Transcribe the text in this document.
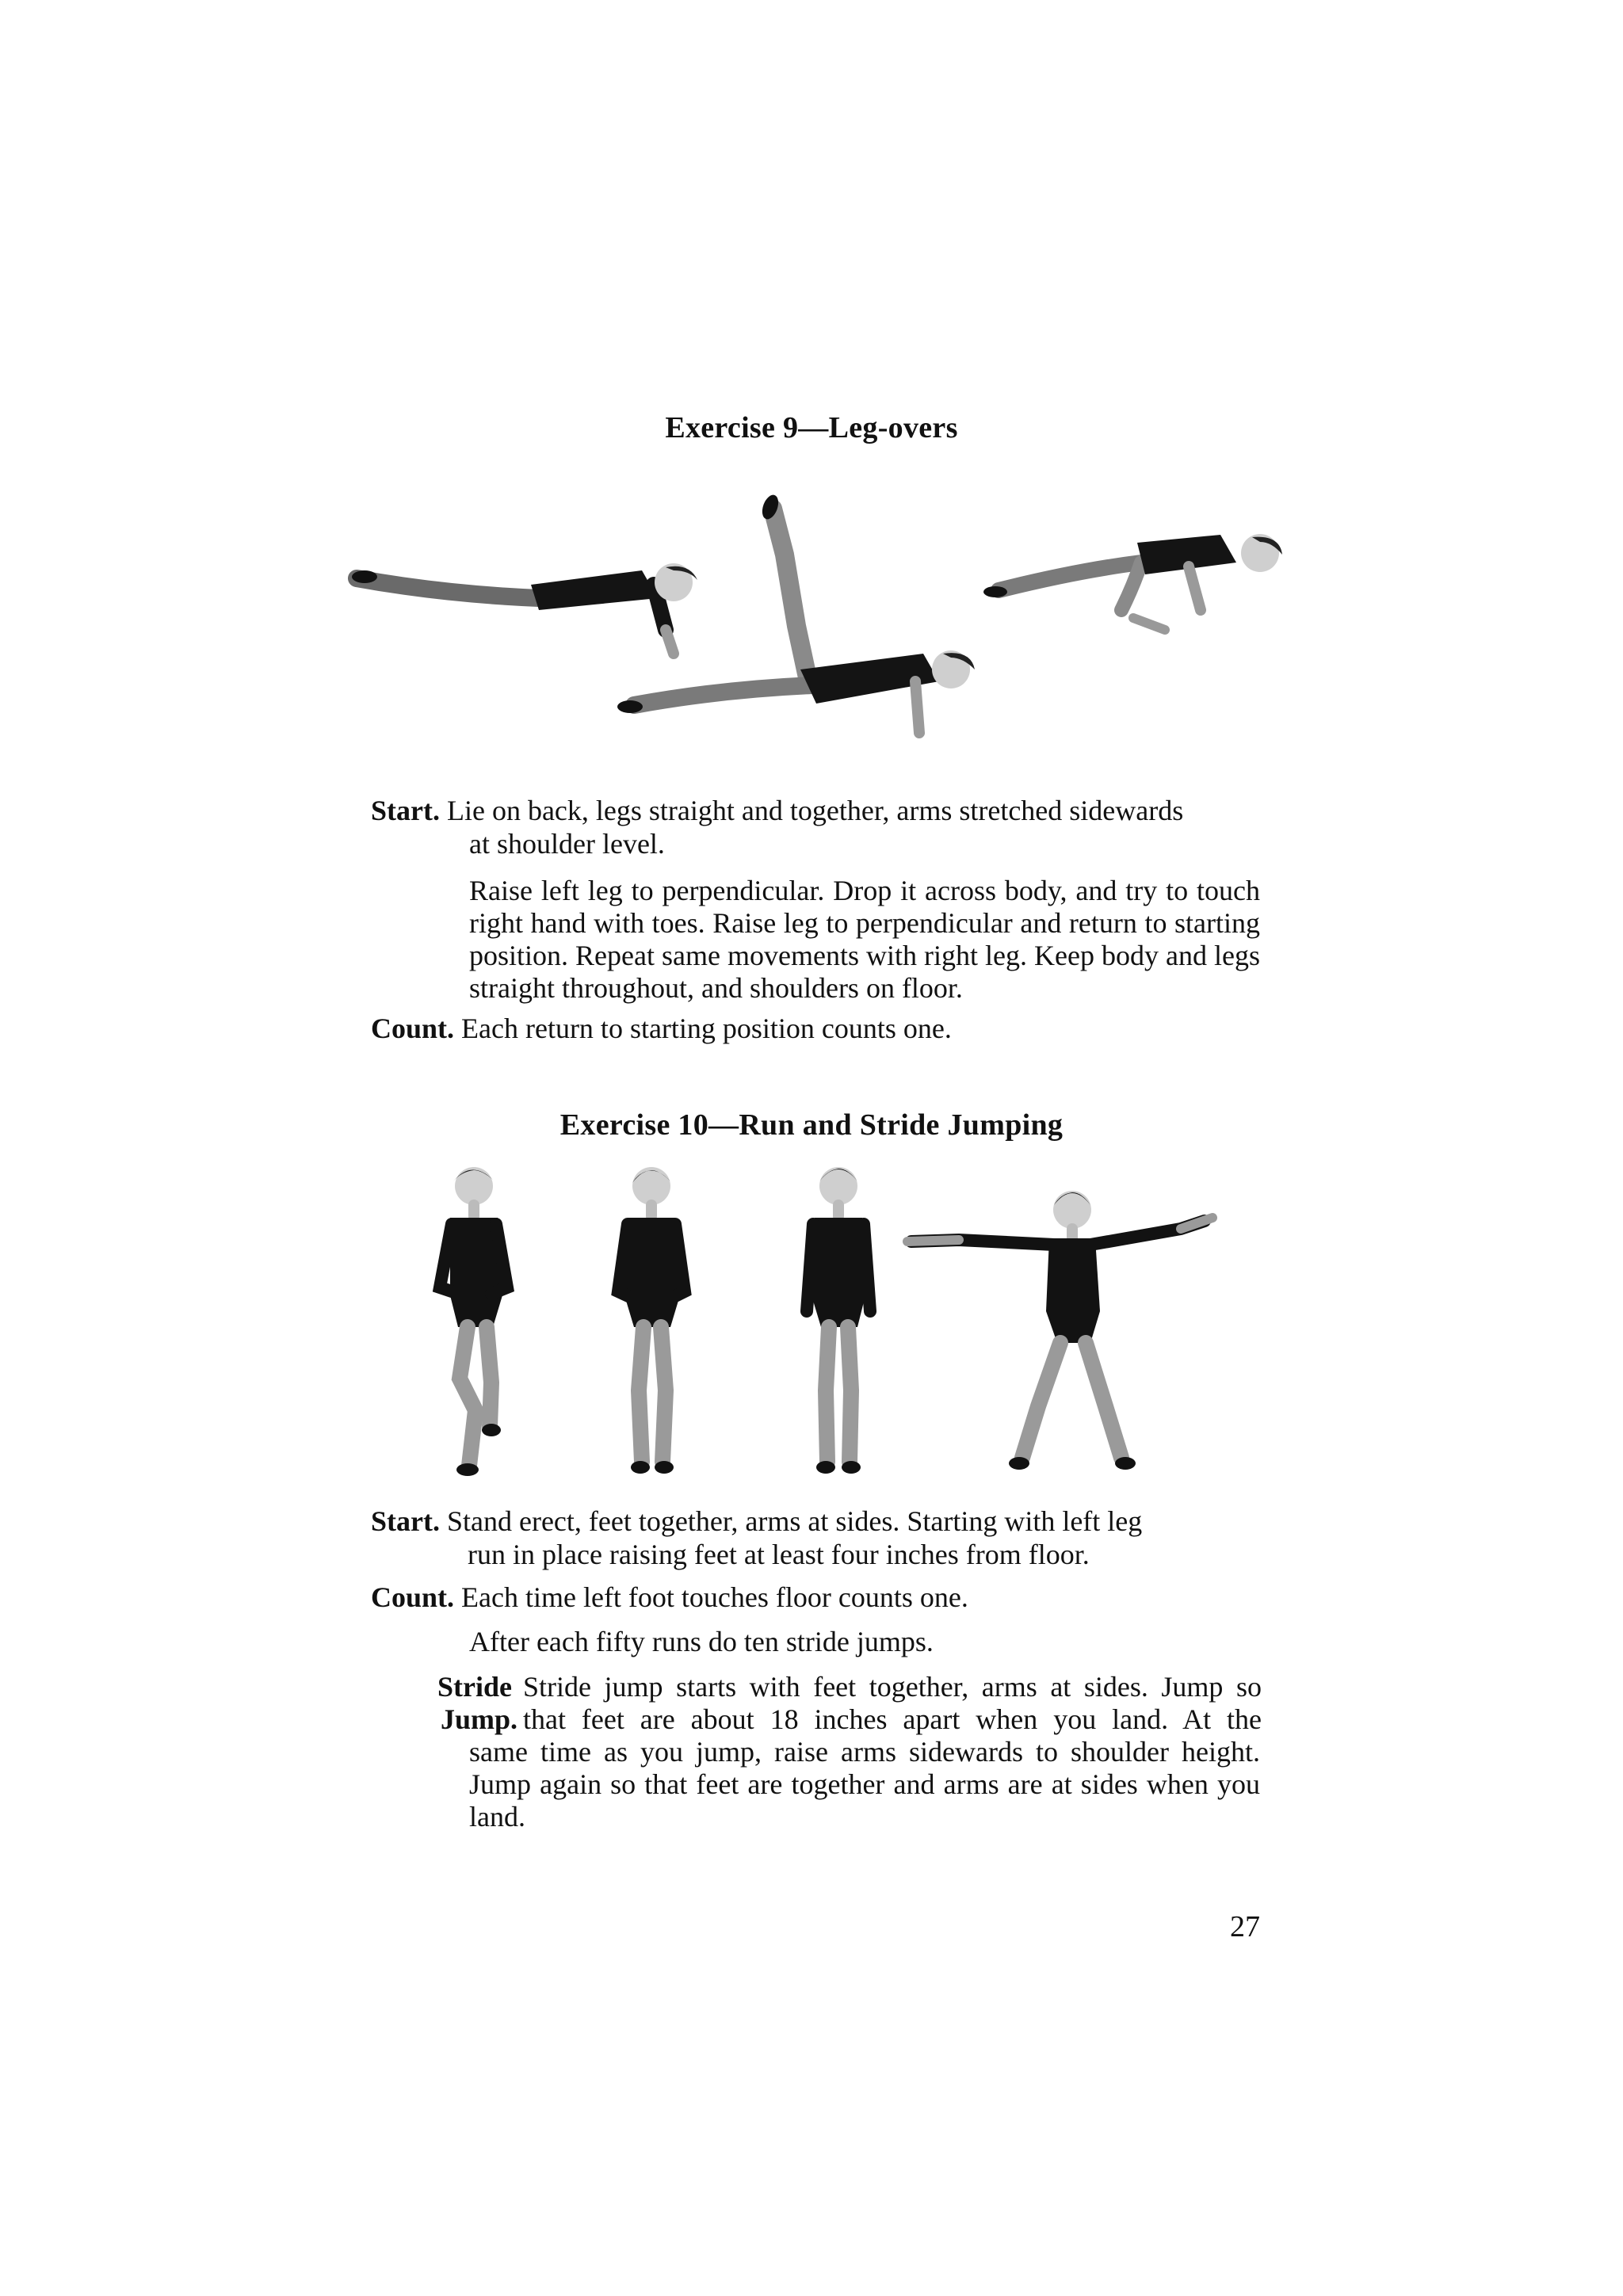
Exercise 9—Leg-overs
Start. Lie on back, legs straight and together, arms stretched sidewards
at shoulder level.
Raise left leg to perpendicular. Drop it across body, and try to touch right hand with toes. Raise leg to perpendicular and return to starting position. Repeat same movements with right leg. Keep body and legs straight throughout, and shoulders on floor.
Count. Each return to starting position counts one.
Exercise 10—Run and Stride Jumping
Start. Stand erect, feet together, arms at sides. Starting with left leg
run in place raising feet at least four inches from floor.
Count. Each time left foot touches floor counts one.
After each fifty runs do ten stride jumps.
Stride
Jump.
Stride jump starts with feet together, arms at sides. Jump so
that feet are about 18 inches apart when you land. At the
same time as you jump, raise arms sidewards to shoulder height. Jump again so that feet are together and arms are at sides when you land.
27
